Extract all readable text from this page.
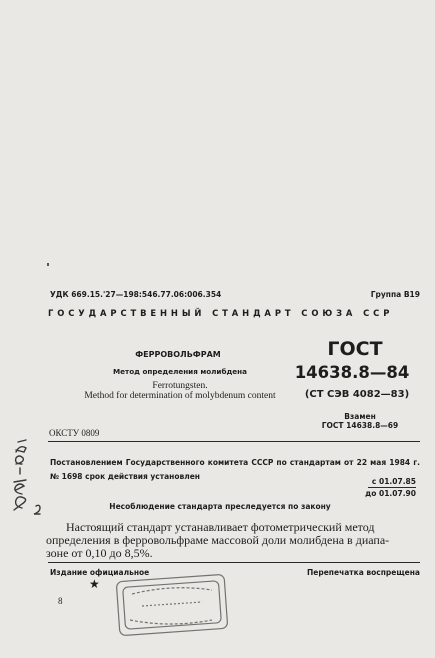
УДК 669.15.'27—198:546.77.06:006.354	Группа В19
ГОСУДАРСТВЕННЫЙ СТАНДАРТ СОЮЗА ССР
ФЕРРОВОЛЬФРАМ
Метод определения молибдена
Ferrotungsten.
Method for determination of molybdenum content
ГОСТ
14638.8—84
(СТ СЭВ 4082—83)
Взамен
ГОСТ 14638.8—69
ОКСТУ 0809
Постановлением Государственного комитета СССР по стандартам от 22 мая 1984 г. № 1698 срок действия установлен
с 01.07.85
до 01.07.90
Несоблюдение стандарта преследуется по закону
Настоящий стандарт устанавливает фотометрический метод
определения в ферровольфраме массовой доли молибдена в диапа-
зоне от 0,10 до 8,5%.
Издание официальное	Перепечатка воспрещена
★
8
